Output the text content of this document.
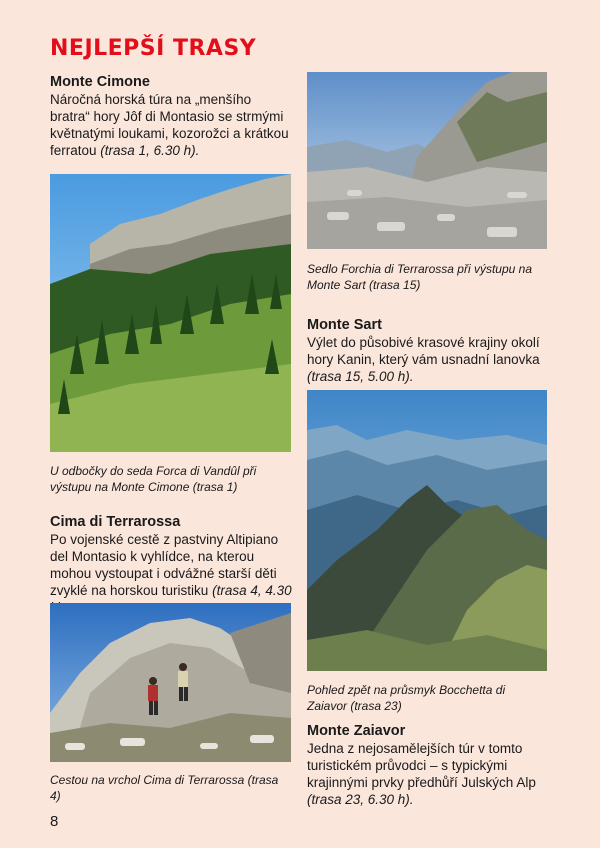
NEJLEPŠÍ TRASY
Monte Cimone
Náročná horská túra na „menšího bratra“ hory Jôf di Montasio se strmými květnatými loukami, kozorožci a krátkou ferratou (trasa 1, 6.30 h).
Sedlo Forchia di Terrarossa při výstupu na Monte Sart (trasa 15)
Monte Sart
Výlet do působivé krasové krajiny okolí hory Kanin, který vám usnadní lanovka (trasa 15, 5.00 h).
U odbočky do seda Forca di Vandûl při výstupu na Monte Cimone (trasa 1)
Cima di Terrarossa
Po vojenské cestě z pastviny Altipiano del Montasio k vyhlídce, na kterou mohou vystoupat i odvážné starší děti zvyklé na horskou turistiku (trasa 4, 4.30
Pohled zpět na průsmyk Bocchetta di Zaiavor (trasa 23)
Monte Zaiavor
Jedna z nejosamělejších túr v tomto turistickém průvodci – s typickými krajinnými prvky předhůří Julských Alp (trasa 23, 6.30 h).
Cestou na vrchol Cima di Terrarossa (trasa 4)
8
